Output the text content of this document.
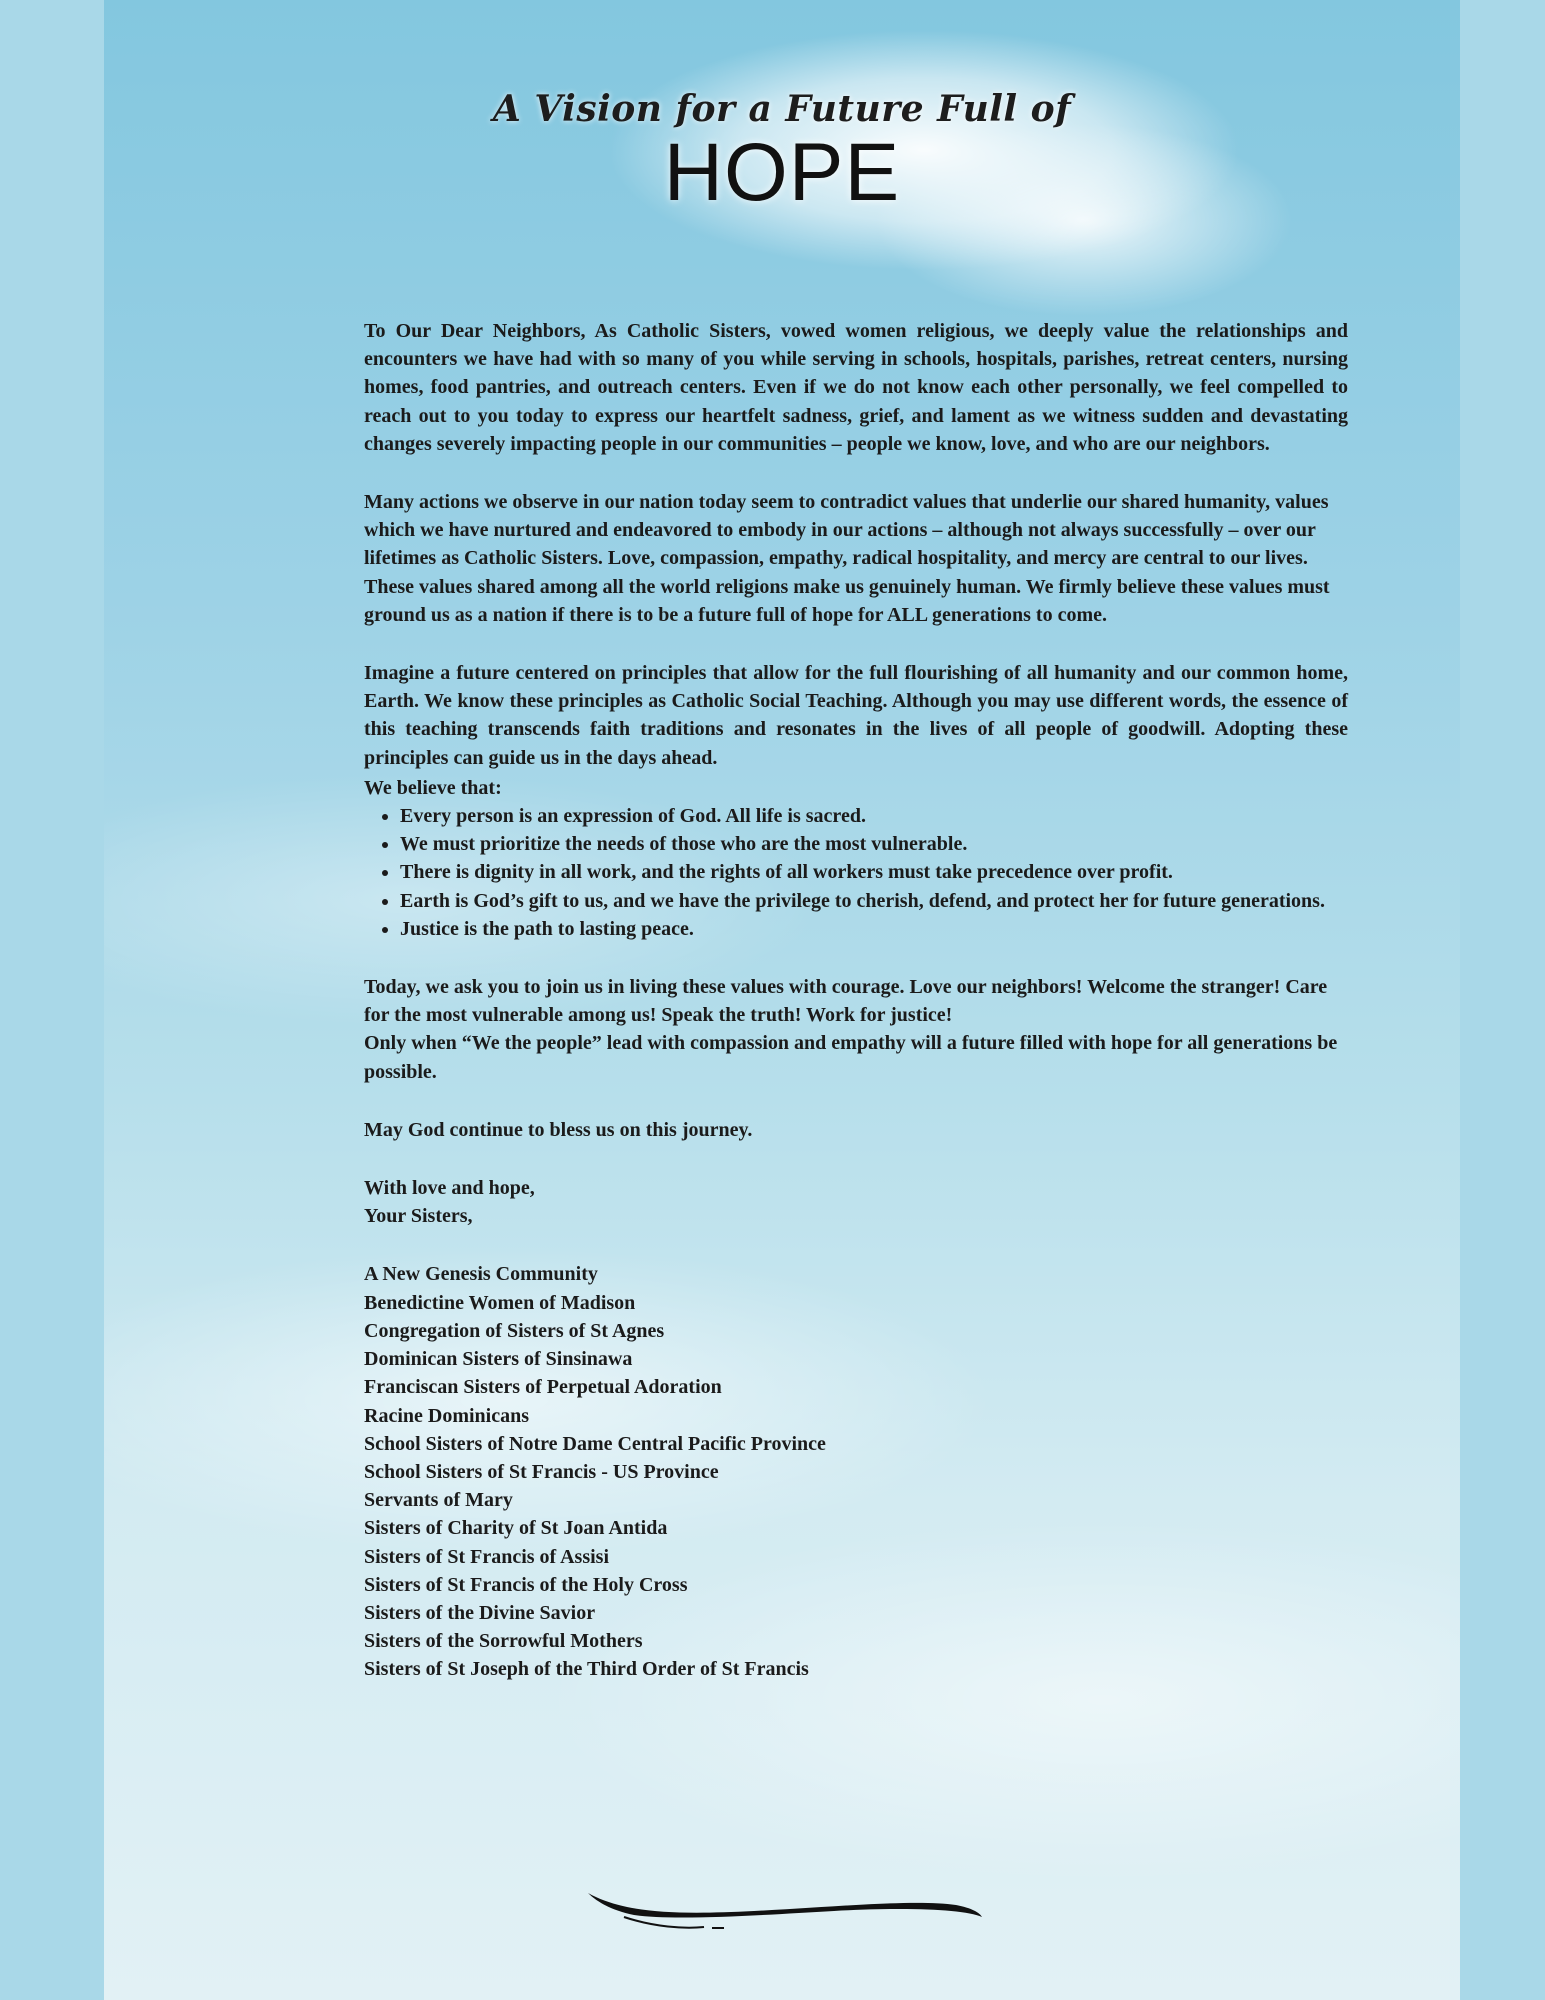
A Vision for a Future Full of
HOPE

To Our Dear Neighbors, As Catholic Sisters, vowed women religious, we deeply value the relationships and encounters we have had with so many of you while serving in schools, hospitals, parishes, retreat centers, nursing homes, food pantries, and outreach centers. Even if we do not know each other personally, we feel compelled to reach out to you today to express our heartfelt sadness, grief, and lament as we witness sudden and devastating changes severely impacting people in our communities – people we know, love, and who are our neighbors.

Many actions we observe in our nation today seem to contradict values that underlie our shared humanity, values which we have nurtured and endeavored to embody in our actions – although not always successfully – over our lifetimes as Catholic Sisters. Love, compassion, empathy, radical hospitality, and mercy are central to our lives. These values shared among all the world religions make us genuinely human. We firmly believe these values must ground us as a nation if there is to be a future full of hope for ALL generations to come.

Imagine a future centered on principles that allow for the full flourishing of all humanity and our common home, Earth. We know these principles as Catholic Social Teaching. Although you may use different words, the essence of this teaching transcends faith traditions and resonates in the lives of all people of goodwill. Adopting these principles can guide us in the days ahead.

We believe that:
• Every person is an expression of God. All life is sacred.
• We must prioritize the needs of those who are the most vulnerable.
• There is dignity in all work, and the rights of all workers must take precedence over profit.
• Earth is God’s gift to us, and we have the privilege to cherish, defend, and protect her for future generations.
• Justice is the path to lasting peace.
Today, we ask you to join us in living these values with courage. Love our neighbors! Welcome the stranger! Care for the most vulnerable among us! Speak the truth! Work for justice!
Only when “We the people” lead with compassion and empathy will a future filled with hope for all generations be possible.

May God continue to bless us on this journey.

With love and hope,
Your Sisters,
A New Genesis Community
Benedictine Women of Madison
Congregation of Sisters of St Agnes
Dominican Sisters of Sinsinawa
Franciscan Sisters of Perpetual Adoration
Racine Dominicans
School Sisters of Notre Dame Central Pacific Province
School Sisters of St Francis - US Province
Servants of Mary
Sisters of Charity of St Joan Antida
Sisters of St Francis of Assisi
Sisters of St Francis of the Holy Cross
Sisters of the Divine Savior
Sisters of the Sorrowful Mothers
Sisters of St Joseph of the Third Order of St Francis
